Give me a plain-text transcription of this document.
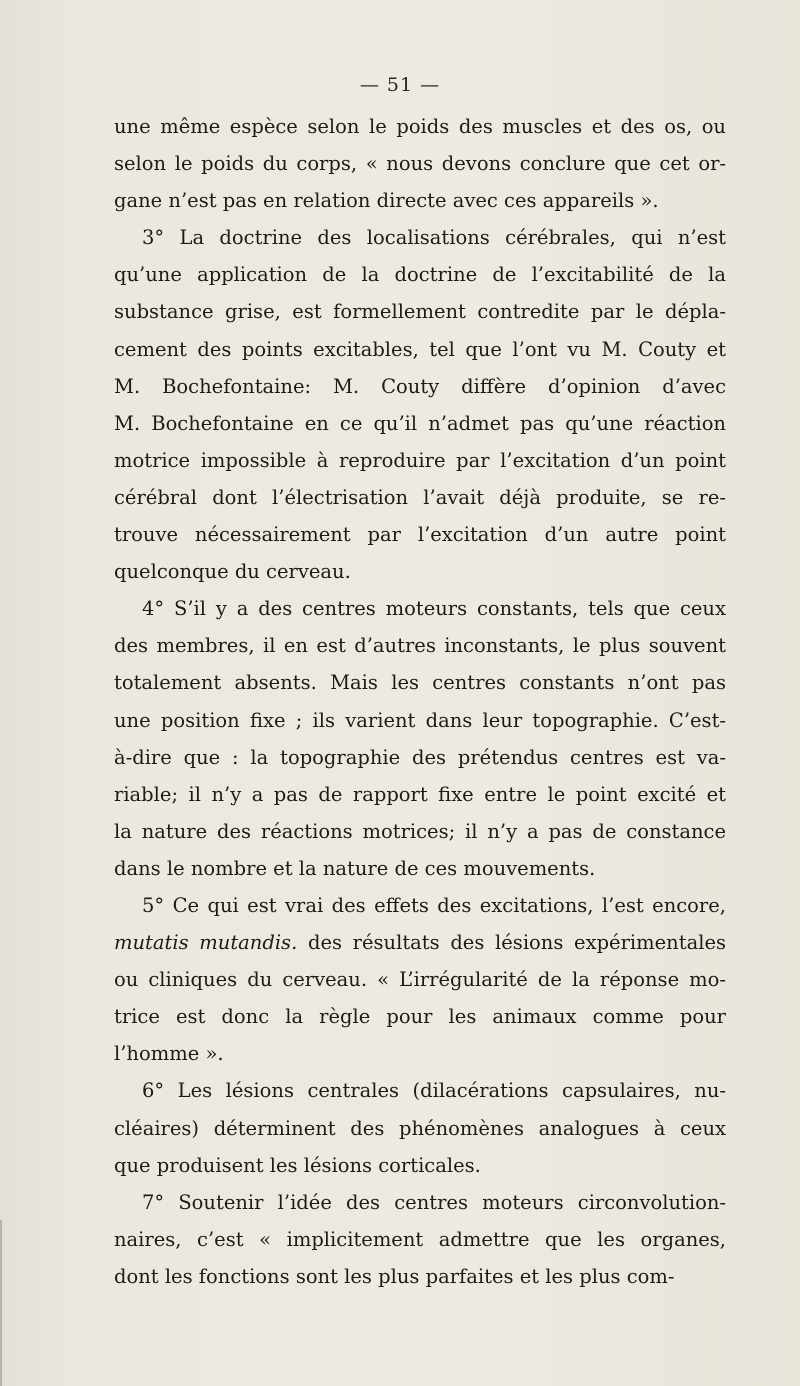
— 51 —
une même espèce selon le poids des muscles et des os, ou
selon le poids du corps, « nous devons conclure que cet or-
gane n’est pas en relation directe avec ces appareils ».
3° La doctrine des localisations cérébrales, qui n’est
qu’une application de la doctrine de l’excitabilité de la
substance grise, est formellement contredite par le dépla-
cement des points excitables, tel que l’ont vu M. Couty et
M. Bochefontaine: M. Couty diffère d’opinion d’avec
M. Bochefontaine en ce qu’il n’admet pas qu’une réaction
motrice impossible à reproduire par l’excitation d’un point
cérébral dont l’électrisation l’avait déjà produite, se re-
trouve nécessairement par l’excitation d’un autre point
quelconque du cerveau.
4° S’il y a des centres moteurs constants, tels que ceux
des membres, il en est d’autres inconstants, le plus souvent
totalement absents. Mais les centres constants n’ont pas
une position fixe ; ils varient dans leur topographie. C’est-
à-dire que : la topographie des prétendus centres est va-
riable; il n’y a pas de rapport fixe entre le point excité et
la nature des réactions motrices; il n’y a pas de constance
dans le nombre et la nature de ces mouvements.
5° Ce qui est vrai des effets des excitations, l’est encore,
mutatis mutandis. des résultats des lésions expérimentales
ou cliniques du cerveau. « L’irrégularité de la réponse mo-
trice est donc la règle pour les animaux comme pour
l’homme ».
6° Les lésions centrales (dilacérations capsulaires, nu-
cléaires) déterminent des phénomènes analogues à ceux
que produisent les lésions corticales.
7° Soutenir l’idée des centres moteurs circonvolution-
naires, c’est « implicitement admettre que les organes,
dont les fonctions sont les plus parfaites et les plus com-
